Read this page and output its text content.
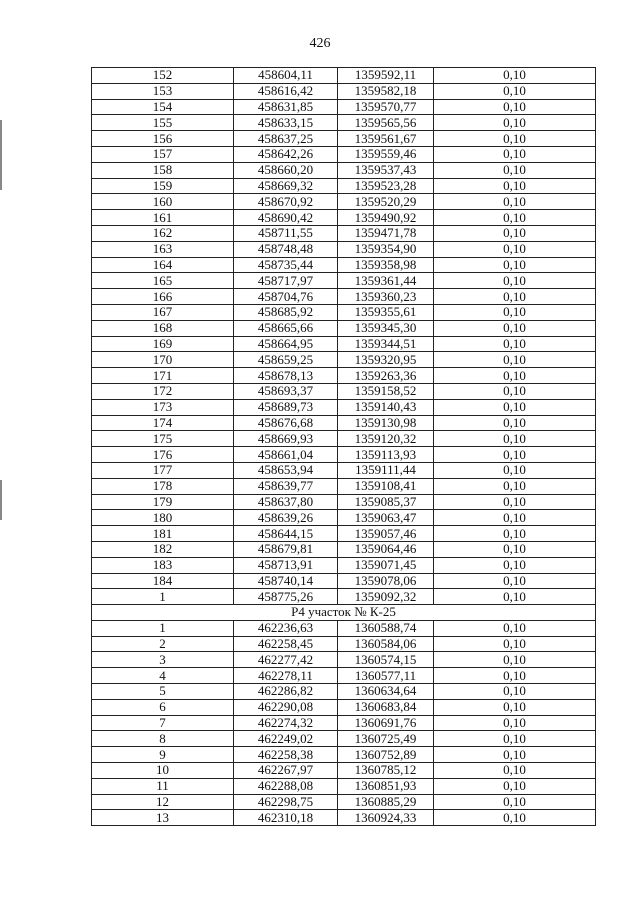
426
152	458604,11	1359592,11	0,10
153	458616,42	1359582,18	0,10
154	458631,85	1359570,77	0,10
155	458633,15	1359565,56	0,10
156	458637,25	1359561,67	0,10
157	458642,26	1359559,46	0,10
158	458660,20	1359537,43	0,10
159	458669,32	1359523,28	0,10
160	458670,92	1359520,29	0,10
161	458690,42	1359490,92	0,10
162	458711,55	1359471,78	0,10
163	458748,48	1359354,90	0,10
164	458735,44	1359358,98	0,10
165	458717,97	1359361,44	0,10
166	458704,76	1359360,23	0,10
167	458685,92	1359355,61	0,10
168	458665,66	1359345,30	0,10
169	458664,95	1359344,51	0,10
170	458659,25	1359320,95	0,10
171	458678,13	1359263,36	0,10
172	458693,37	1359158,52	0,10
173	458689,73	1359140,43	0,10
174	458676,68	1359130,98	0,10
175	458669,93	1359120,32	0,10
176	458661,04	1359113,93	0,10
177	458653,94	1359111,44	0,10
178	458639,77	1359108,41	0,10
179	458637,80	1359085,37	0,10
180	458639,26	1359063,47	0,10
181	458644,15	1359057,46	0,10
182	458679,81	1359064,46	0,10
183	458713,91	1359071,45	0,10
184	458740,14	1359078,06	0,10
1	458775,26	1359092,32	0,10
Р4 участок № К-25			
1	462236,63	1360588,74	0,10
2	462258,45	1360584,06	0,10
3	462277,42	1360574,15	0,10
4	462278,11	1360577,11	0,10
5	462286,82	1360634,64	0,10
6	462290,08	1360683,84	0,10
7	462274,32	1360691,76	0,10
8	462249,02	1360725,49	0,10
9	462258,38	1360752,89	0,10
10	462267,97	1360785,12	0,10
11	462288,08	1360851,93	0,10
12	462298,75	1360885,29	0,10
13	462310,18	1360924,33	0,10
